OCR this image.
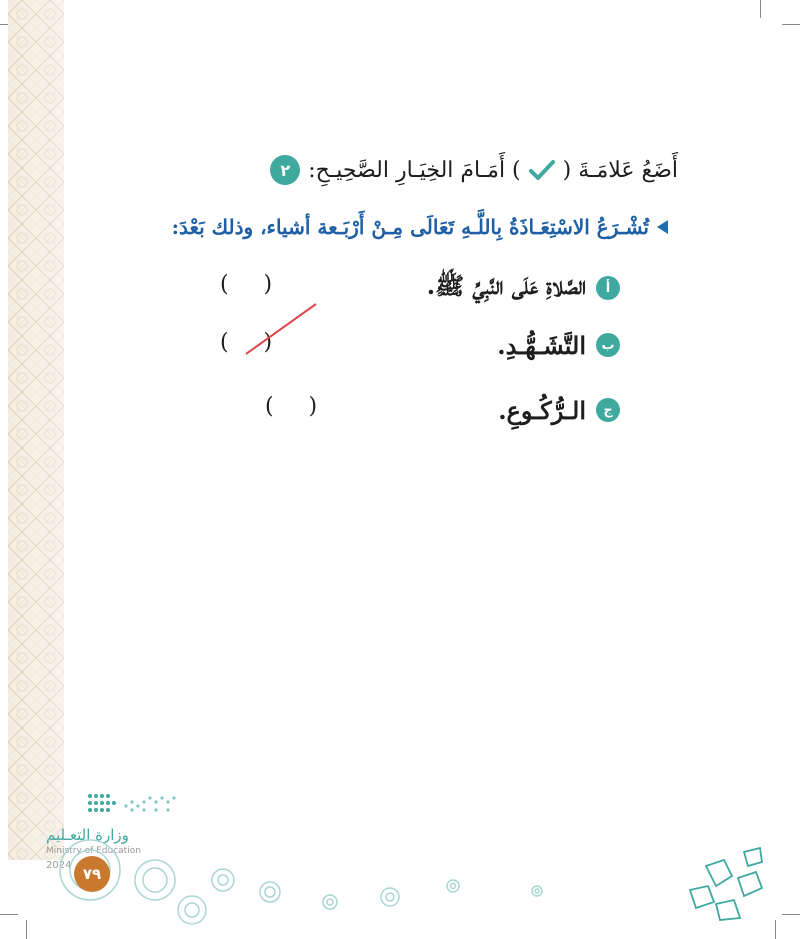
٢	أَضَعُ عَلامَـةَ (
) أَمَـامَ الخِيَـارِ الصَّحِيـحِ:
تُشْـرَعُ الاسْتِعَـاذَةُ بِاللَّـهِ تَعَالَى مِـنْ أَرْبَـعة أشياء، وذلك بَعْدَ:
أ
الصَّلاةِ عَلَى النَّبِيِّ ﷺ.
(     )
ب
التَّشَـهُّـدِ.
(     )
ج
الـرُّكُـوعِ.
(     )
وزارة التعـليم
Ministry of Education
2024 ٧٩
